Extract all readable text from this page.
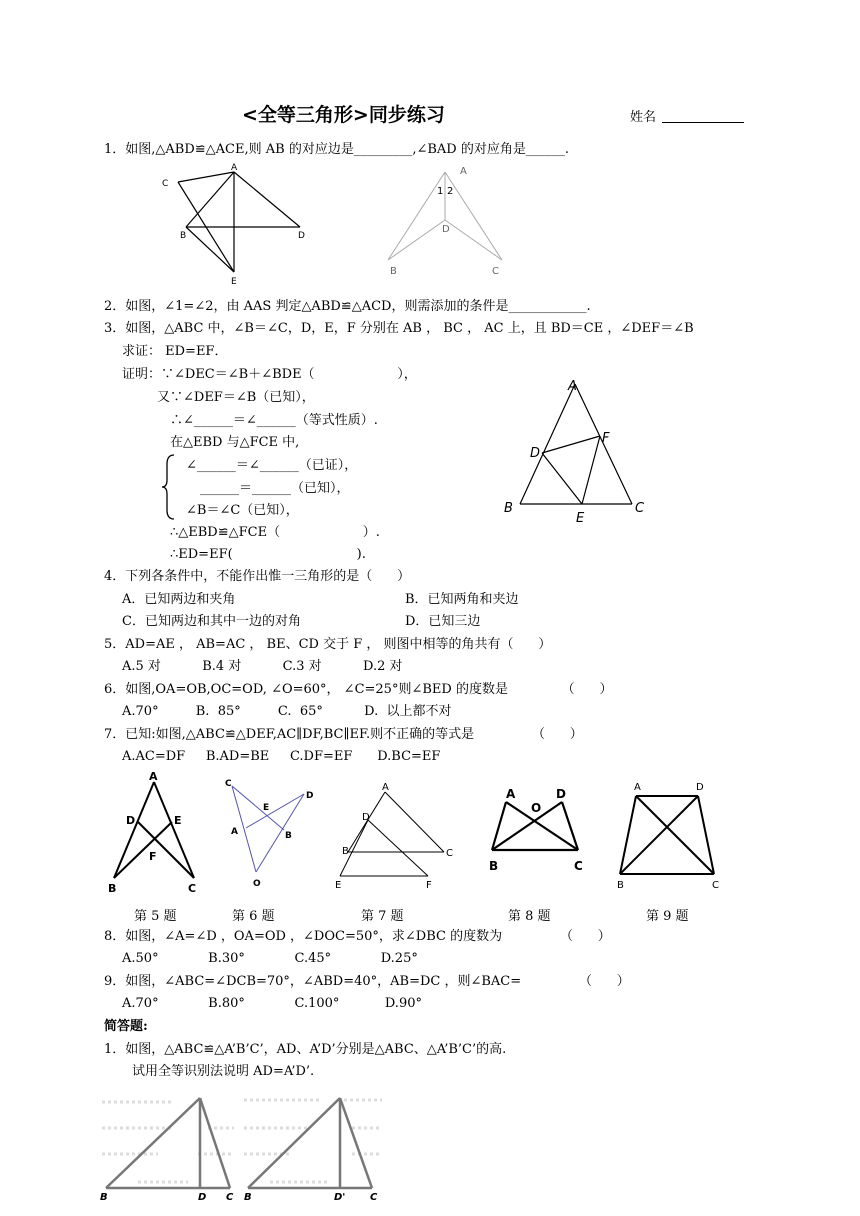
<全等三角形>同步练习	姓名
1．如图,△ABD≌△ACE,则 AB 的对应边是_________,∠BAD 的对应角是______.
A
C
B	D
E
A
1 2
D
B	C
2．如图，∠1=∠2，由 AAS 判定△ABD≌△ACD，则需添加的条件是____________.
3．如图，△ABC 中，∠B＝∠C，D，E，F 分别在 AB ， BC ， AC 上，且 BD＝CE ，∠DEF＝∠B
求证： ED=EF．
证明：∵∠DEC＝∠B＋∠BDE（                    ），
又∵∠DEF＝∠B（已知），
∴∠______＝∠______（等式性质）.
在△EBD 与△FCE 中,
∠______＝∠______（已证），
______＝______（已知），
∠B＝∠C（已知），
∴△EBD≌△FCE（                    ）.
∴ED=EF(                              ).
A
D
F
B
E
C
4．下列各条件中，不能作出惟一三角形的是（      ）
A．已知两边和夹角	B．已知两角和夹边
C．已知两边和其中一边的对角	D．已知三边
5．AD=AE ， AB=AC ， BE、CD 交于 F ， 则图中相等的角共有（      ）
A.5 对          B.4 对          C.3 对          D.2 对
6．如图,OA=OB,OC=OD, ∠O=60°， ∠C=25°则∠BED 的度数是             （      ）
A.70°         B.  85°         C.  65°          D.  以上都不对
7．已知:如图,△ABC≌△DEF,AC∥DF,BC∥EF.则不正确的等式是              （      ）
A.AC=DF     B.AD=BE     C.DF=EF      D.BC=EF
A
D	E
F
B	C
C
D
E
A	B
O
A
D
B	C
E	F
A
O
D
B	C
A	D
B	C
第 5 题	第 6 题	第 7 题	第 8 题	第 9 题
8．如图，∠A=∠D ，OA=OD ，∠DOC=50°，求∠DBC 的度数为              （      ）
A.50°            B.30°            C.45°            D.25°
9．如图，∠ABC=∠DCB=70°，∠ABD=40°，AB=DC ，则∠BAC=              （      ）
A.70°            B.80°            C.100°           D.90°
简答题:
1．如图，△ABC≌△A’B’C’，AD、A’D’分别是△ABC、△A’B’C’的高.
试用全等识别法说明 AD=A’D’.
B	D C B	D' C
